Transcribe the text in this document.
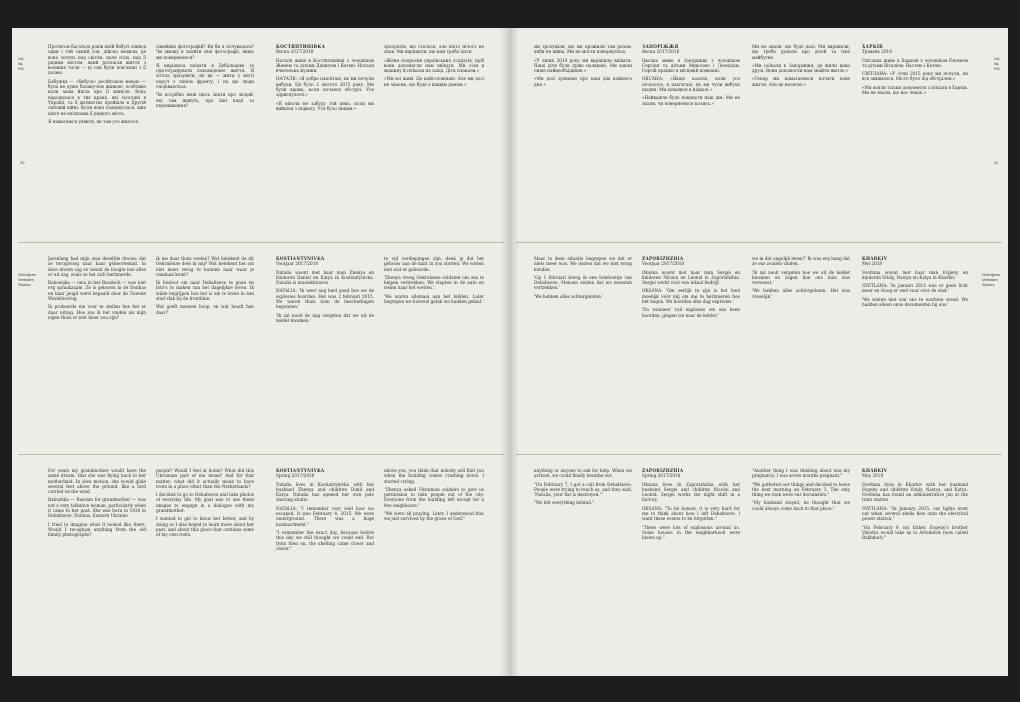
UA
NL
EN
20
Ontmijnen
Verhalen
Stories

Протягом багатьох років моїй бабусі снився один і той самий сон, дійсно мовили, де вона летить над світом, наче птах, над її рідним містом, який розлагав життя з воєнних часів — ці сни були пов'язані з її долею.

Бабушка — «бабуся» російською мовою — була не дуже балакучою жінкою, особливо коли мова йшла про її минуле. Вона народилася в тих краях, які сьогодні в Україні, та її дитинство пройшло в Другій світовій війні. Коли вона повернулася, вже ніхто не впізнавав її рідного міста.

Я намагаюся уявити, як там усе жилося.

сімейних фотографій? Як би я почувалася? Чи зможу я знайти свої фотографії, якщо ми повернемося?

Я вирішила поїхати в Дебальцеве та сфотографувати повсякденне життя. Я хотіла зрозуміти, як це — жити у місті поруч з лінією фронту, і на що люди сподіваються.

Чи потрібно мені щось знати про людей, які там живуть, про їхні надії та переживання?

КОСТЯНТИНІВКА
Весна 2017/2018

Наталя живе в Костянтинівці з чоловіком Женею та дітьми Данилом і Катею. Наталя вчителька музики.

НАТАЛЯ: «Я добре пам'ятаю, як ми почули вибухи. Це було 2 лютого 2015 року. Ми були вдома, коли почався обстріл. Усе здригнулося.»

«Я ніколи не забуду той день, коли ми вийшли з підвалу. Усе було іншим.»

зрозуміти, що сталося, але ніхто нічого не знав. Ми вирішили, що нам треба їхати.

«Женя попросив українських солдатів, щоб вони допомогли нам виїхати. Ми сіли в машину й поїхали на захід. Діти плакали.»

«Ми всі живі. Це найголовніше. Але ми досі не знаємо, що буде з нашим домом.»

Jarenlang had mijn oma dezelfde droom: dat ze terugvloog naar haar geboortestad. In deze droom zag ze vanuit de hoogte hoe alles er uit zag, zoals ze het zich herinnerde.

Baboesjka — oma in het Russisch — was niet erg spraakzaam. Ze is geboren in de Donbas en haar jeugd werd bepaald door de Tweede Wereldoorlog.

Ik probeerde me voor te stellen hoe het er daar uitzag. Hoe zou ik het vinden als mijn eigen thuis er niet meer zou zijn?

ik me daar thuis voelen? Wat betekent de dit Oekraïense deel in mij? Wat betekent het om niet meer terug te kunnen naar waar je vandaan komt?

Ik besloot om naar Debaltseve te gaan en foto's te maken van het dagelijkse leven. Ik wilde begrijpen hoe het is om te leven in een stad vlak bij de frontlinie.

Wat geeft mensen hoop, en wat houdt hen daar?

KOSTIANTYNIVKA
Voorjaar 2017/2018

Natalia woont met haar man Zhenya en kinderen Daniel en Katya in Kostiantynivka. Natalia is muzieklerares.

NATALIA: 'Ik weet nog heel goed hoe we de explosies hoorden. Het was 2 februari 2015. We waren thuis toen de beschietingen begonnen.'

'Ik zal nooit de dag vergeten dat we uit de kelder kwamen.'

te vijf verdiepingen zijn, denk je dat het gebouw aan de kant in zou storten. We wisten niet wat er gebeurde.

'Zhenya vroeg Oekraïense soldaten om ons te helpen vertrekken. We stapten in de auto en reden naar het westen.'

'We waren allemaal aan het bidden. Later begrepen we hoeveel geluk we hadden gehad.'

For years my grandmother would have the same dream, that she was flying back to her motherland. In slow motion, she would glide several feet above the ground, like a bird carried on the wind.

Babushka — Russian for grandmother — was not a very talkative woman, particularly when it came to her past. She was born in 1930 in Debaltseve, Donbas, Eastern Ukraine.

I tried to imagine what it looked like there. Would I recognize anything from the old family photographs?

people? Would I feel at home? What did this Ukrainian part of me mean? And for that matter, what did it actually mean to have roots in a place other than the Netherlands?

I decided to go to Debaltseve and take photos of everyday life. My goal was to use these images to engage in a dialogue with my grandmother.

I wanted to get to know her better, and by doing so I also hoped to learn more about her past, and about this place that contains some of my own roots.

KOSTIANTYNIVKA
Spring 2017/2018

Natalia lives in Kostiantynivka with her husband Zhenya and children Danil and Katya. Natalia has opened her own pole dancing studio.

NATALIA: "I remember very well how we escaped. It was February 4, 2015. We were underground. There was a huge bombardment."

"I remember the exact day, because before this day we still thought we could end. But from then on, the shelling came closer and closer."

above you, you think that nobody will find you when the building comes crashing down. I started crying.

"Zhenya asked Ukrainian soldiers to give us permission to take people out of the city. Everyone from the building left except for a few neighbours."

"We were all praying. Later, I understood that we just survived by the grace of God."

UA
NL
EN
21
Ontmijnen
Verhalen
Stories

ми зрозуміли, що ми прожили там разом, якби не війна. Ми не могли повернутися.

«У липні 2014 року ми вирішили виїхати. Наші діти були дуже налякані. Ми взяли лише найнеобхідніше.»

«Ми досі думаємо про наш дім кожного дня.»

ЗАПОРІЖЖЯ
Весна 2017/2018

Оксана живе в Запоріжжі з чоловіком Сергієм та дітьми Миколою і Леонідом. Сергій працює в місцевій компанії.

ОКСАНА: «Якщо казати, коли усе почалося, я пам'ятаю, як ми чули вибухи щодня. Ми ховалися в підвалі.»

«Найважче було покинути наш дім. Ми не знали, чи повернемося колись.»

Ми не знали, що буде далі. Ми вирішили, що треба думати про дітей та їхнє майбутнє.

«Ми поїхали в Запоріжжя, де жили наші друзі. Вони допомогли нам знайти житло.»

«Тепер ми намагаємося почати нове життя. Але це нелегко.»

ХАРКІВ
Травень 2018

Світлана живе в Харкові з чоловіком Євгеном та дітьми Віталієм, Настею і Катею.

СВІТЛАНА: «У січні 2015 року ми почули, як все змінилося. Місто було під обстрілом.»

«Ми взяли тільки документи і поїхали в Харків. Ми не знали, що нас чекає.»

Maar in deze situatie begrepen we dat er niets meer was. We wisten dat we niet terug konden.

'Op 1 februari kreeg ik een telefoontje van Debaltseve. Mensen zeiden dat we moesten vertrekken.'

'We hebben alles achtergelaten.'

ZAPORIZHZHIA
Voorjaar 2017/2018

Oksana woont met haar man Sergei en kinderen Nicolai en Leonid in Zaporizhzhia. Sergei werkt voor een lokaal bedrijf.

OKSANA: 'Om eerlijk te zijn is het heel moeilijk voor mij om me te herinneren hoe het begon. We hoorden elke dag explosies.'

'En wanneer vuil explosies om ons heen hoorden, gingen we naar de kelder.'

we in dat ongelijk leven?' Ik was erg bang dat ze ons zouden vinden.

'Ik zal nooit vergeten hoe we uit de kelder kwamen en zagen hoe ons huis was verwoest.'

'We hebben alles achtergelaten. Het was vreselijk.'

KHARKIV
Mei 2018

Svetlana woont met haar man Evgeny en kinderen Vitaly, Nastya en Katya in Kharkiv.

SVETLANA: 'In januari 2015 was er geen licht meer en vloog er veel vuur over de stad.'

'We wisten niet wat ons te wachten stond. We hadden alleen onze documenten bij ons.'

anything or anyone to ask for help. When we arrived, we could finally breathe out.

"On February 7, I got a call from Debaltseve. People were trying to reach us, and they said, 'Natalia, your flat is destroyed.'"

"We left everything behind."

ZAPORIZHZHIA
Spring 2017/2018

Oksana lives in Zaporizhzhia with her husband Sergei and children Nicolai and Leonid. Sergei works the night shift in a factory.

OKSANA: "To be honest, it is very hard for me to think about how I left Debaltseve. I want these events to be forgotten."

"There were lots of explosions around us. Some houses in the neighborhood were blown up."

"Another thing I was thinking about was my pregnancy. I was seven months pregnant."

"We gathered our things and decided to leave the next morning on February 3. The only thing we took were our documents."

"My husband stayed, he thought that we could always come back to that place."

KHARKIV
May 2018

Svetlana lives in Kharkiv with her husband Evgeny and children Vitaly, Nastya, and Katya. Svetlana has found an administrative job at the train station.

SVETLANA: "In January 2015, our lights went out when several shells flew onto the electrical power station."

"On February 9, my father, Evgeny's brother Volodya would take us to Artemivsk (now called Bakhmut)."
